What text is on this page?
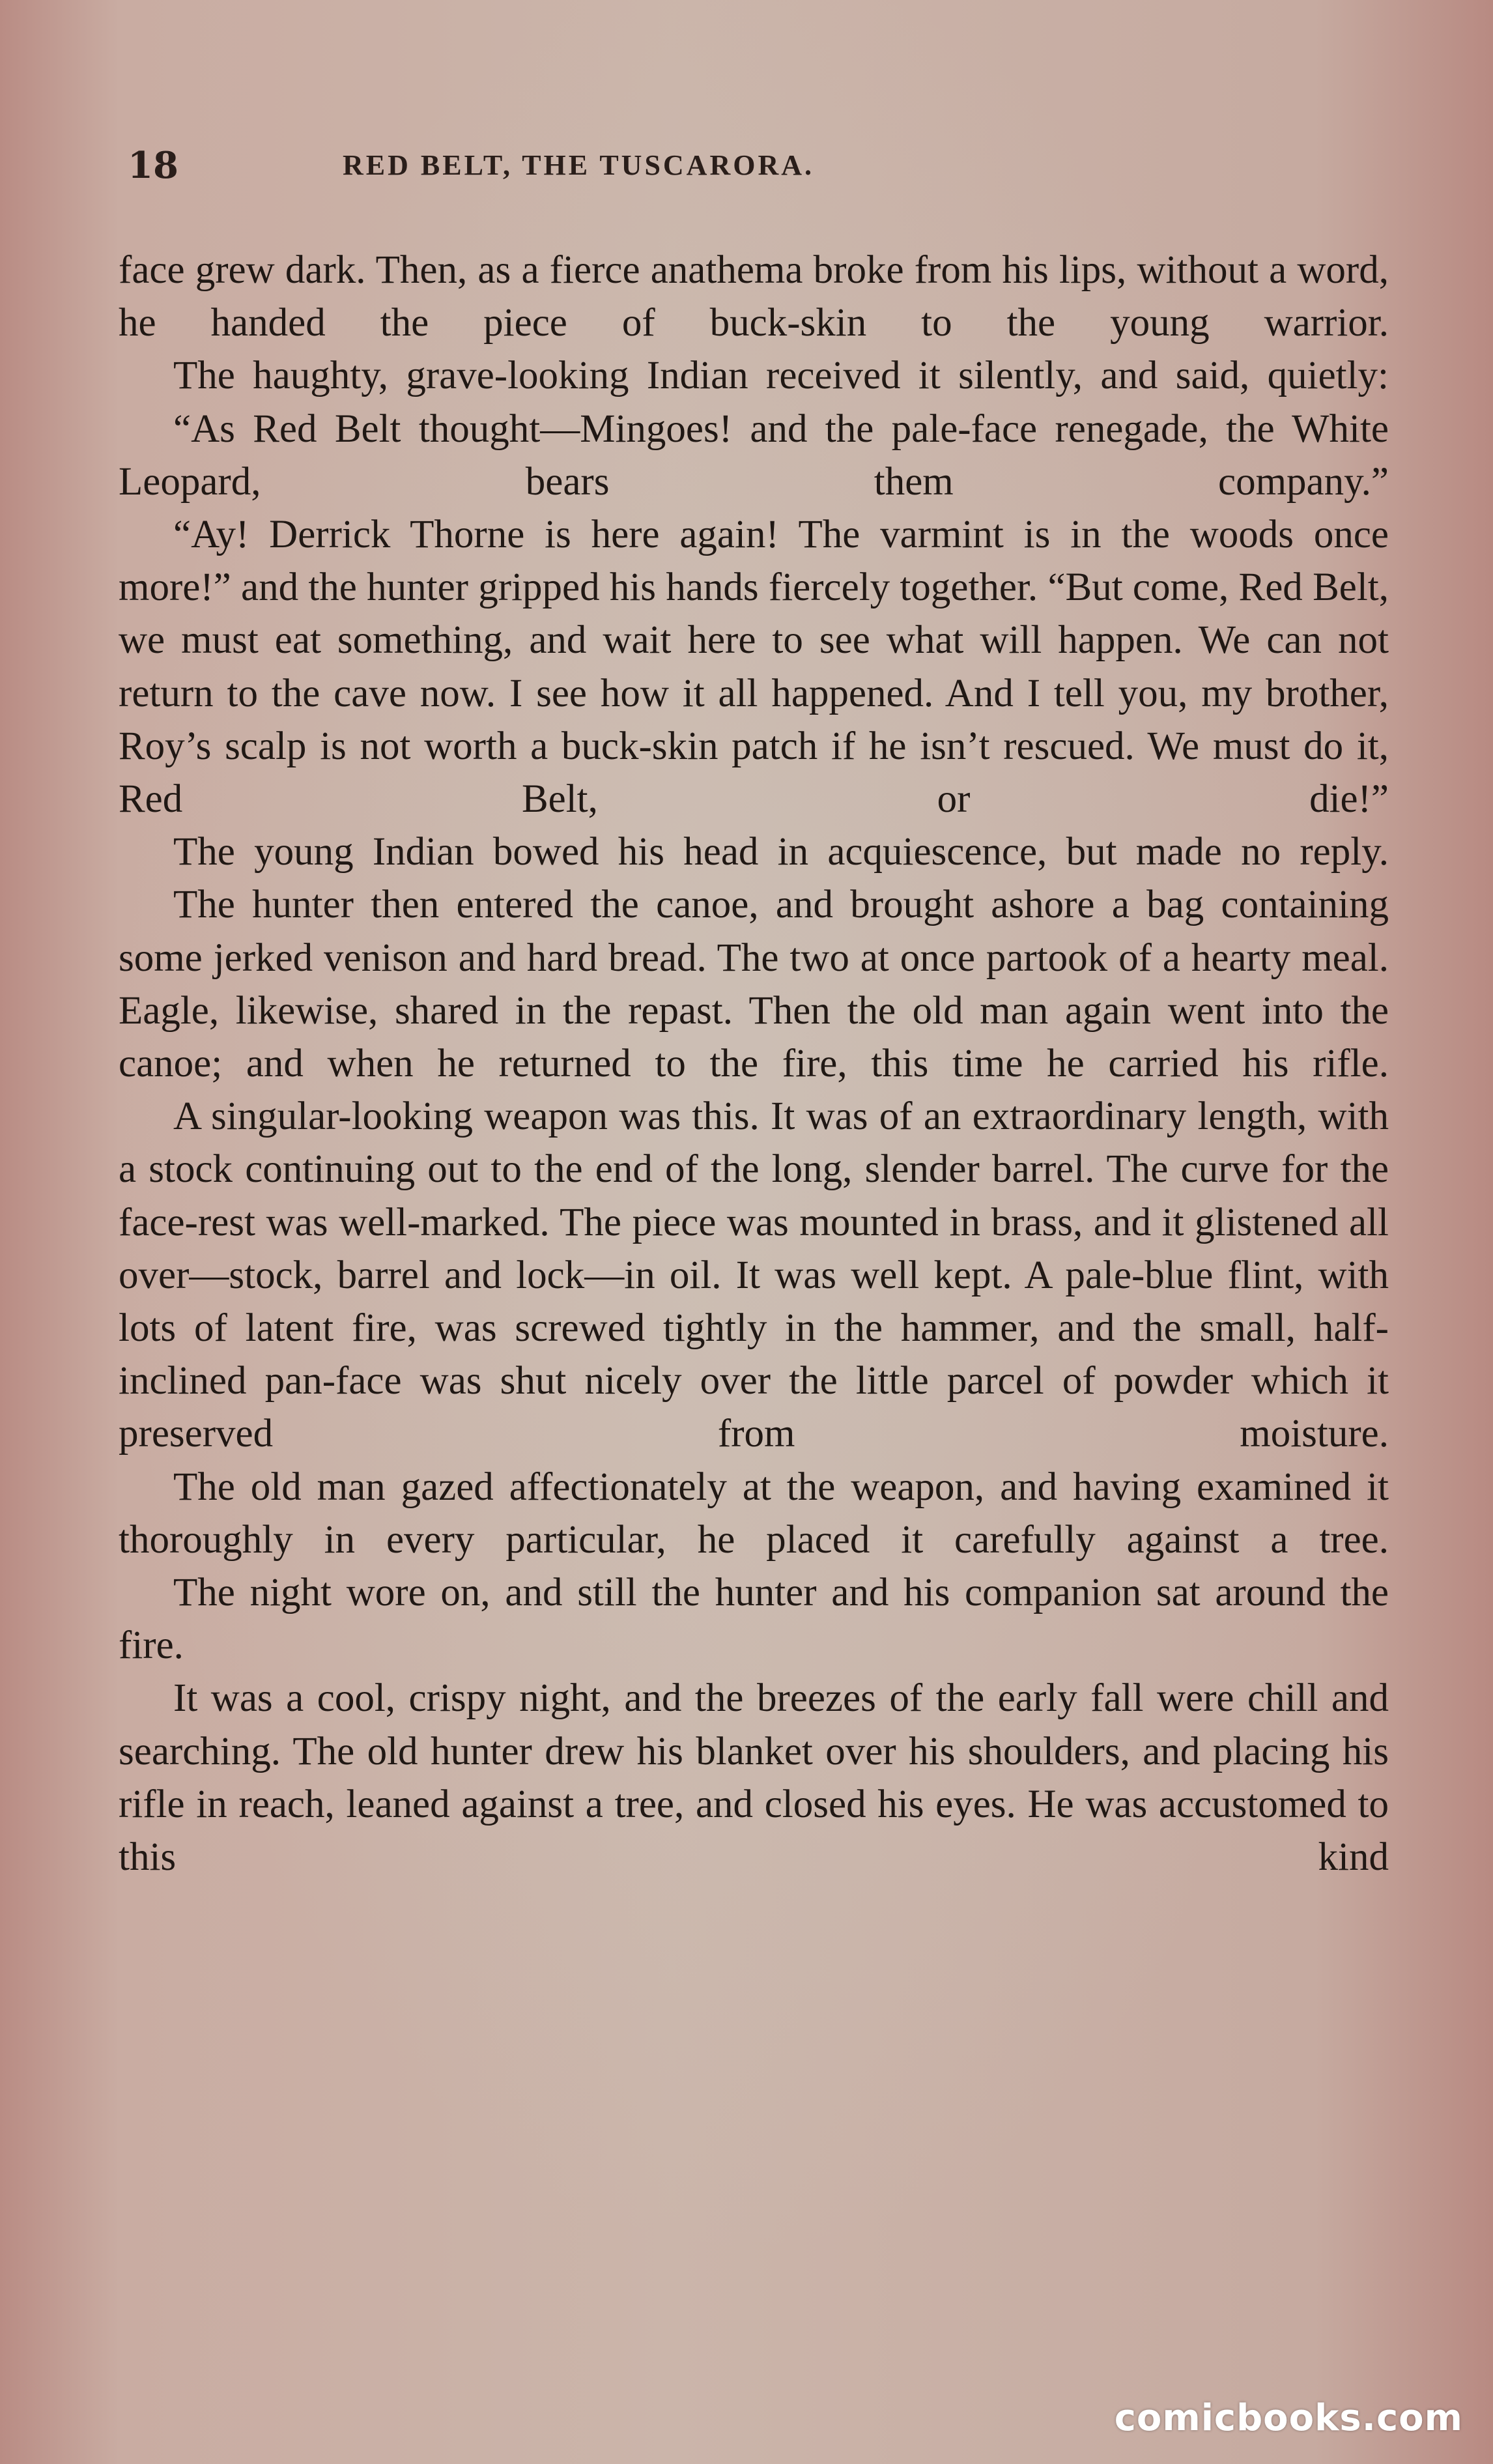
18	RED BELT, THE TUSCARORA.

face grew dark. Then, as a fierce anathema broke from his lips, without a word, he handed the piece of buck-skin to the young warrior.

The haughty, grave-looking Indian received it silently, and said, quietly:

“As Red Belt thought—Mingoes! and the pale-face renegade, the White Leopard, bears them company.”

“Ay! Derrick Thorne is here again! The varmint is in the woods once more!” and the hunter gripped his hands fiercely together. “But come, Red Belt, we must eat something, and wait here to see what will happen. We can not return to the cave now. I see how it all happened. And I tell you, my brother, Roy’s scalp is not worth a buck-skin patch if he isn’t rescued. We must do it, Red Belt, or die!”

The young Indian bowed his head in acquiescence, but made no reply.

The hunter then entered the canoe, and brought ashore a bag containing some jerked venison and hard bread. The two at once partook of a hearty meal. Eagle, likewise, shared in the repast. Then the old man again went into the canoe; and when he returned to the fire, this time he carried his rifle.

A singular-looking weapon was this. It was of an extraordinary length, with a stock continuing out to the end of the long, slender barrel. The curve for the face-rest was well-marked. The piece was mounted in brass, and it glistened all over—stock, barrel and lock—in oil. It was well kept. A pale-blue flint, with lots of latent fire, was screwed tightly in the hammer, and the small, half-inclined pan-face was shut nicely over the little parcel of powder which it preserved from moisture.

The old man gazed affectionately at the weapon, and having examined it thoroughly in every particular, he placed it carefully against a tree.

The night wore on, and still the hunter and his companion sat around the fire.

It was a cool, crispy night, and the breezes of the early fall were chill and searching. The old hunter drew his blanket over his shoulders, and placing his rifle in reach, leaned against a tree, and closed his eyes. He was accustomed to this kind

comicbooks.com
